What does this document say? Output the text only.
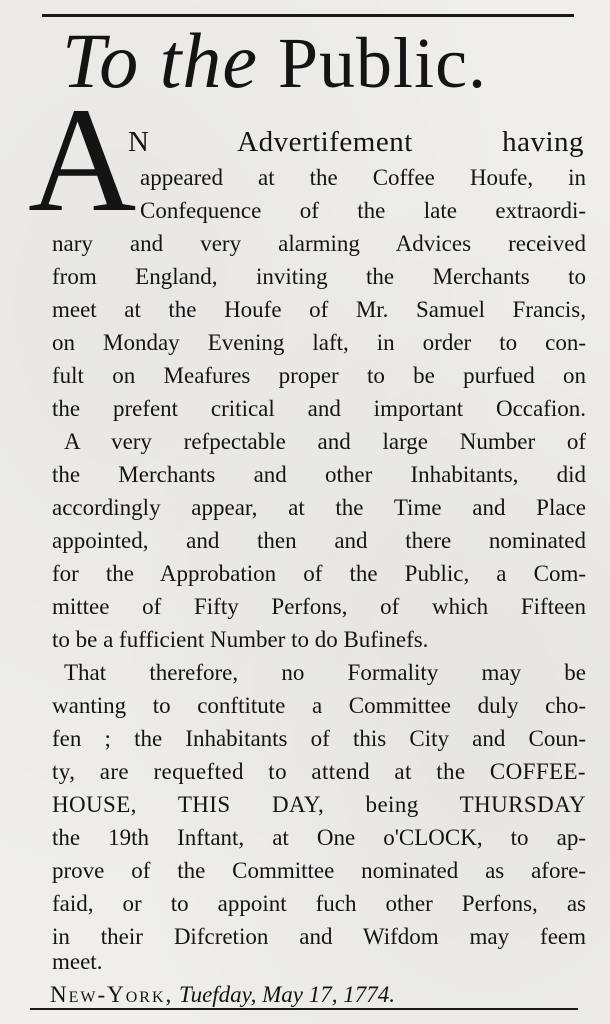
To the Public.
A
N Advertifement having
appeared at the Coffee Houfe, in
Confequence of the late extraordi-
nary and very alarming Advices received
from England, inviting the Merchants to
meet at the Houfe of Mr. Samuel Francis,
on Monday Evening laft, in order to con-
fult on Meafures proper to be purfued on
the prefent critical and important Occafion.
A very refpectable and large Number of
the Merchants and other Inhabitants, did
accordingly appear, at the Time and Place
appointed, and then and there nominated
for the Approbation of the Public, a Com-
mittee of Fifty Perfons, of which Fifteen
to be a fufficient Number to do Bufinefs.
That therefore, no Formality may be
wanting to conftitute a Committee duly cho-
fen ; the Inhabitants of this City and Coun-
ty, are requefted to attend at the COFFEE-
HOUSE, THIS DAY, being THURSDAY
the 19th Inftant, at One o'CLOCK, to ap-
prove of the Committee nominated as afore-
faid, or to appoint fuch other Perfons, as
in their Difcretion and Wifdom may feem
meet.
New-York, Tuefday, May 17, 1774.
